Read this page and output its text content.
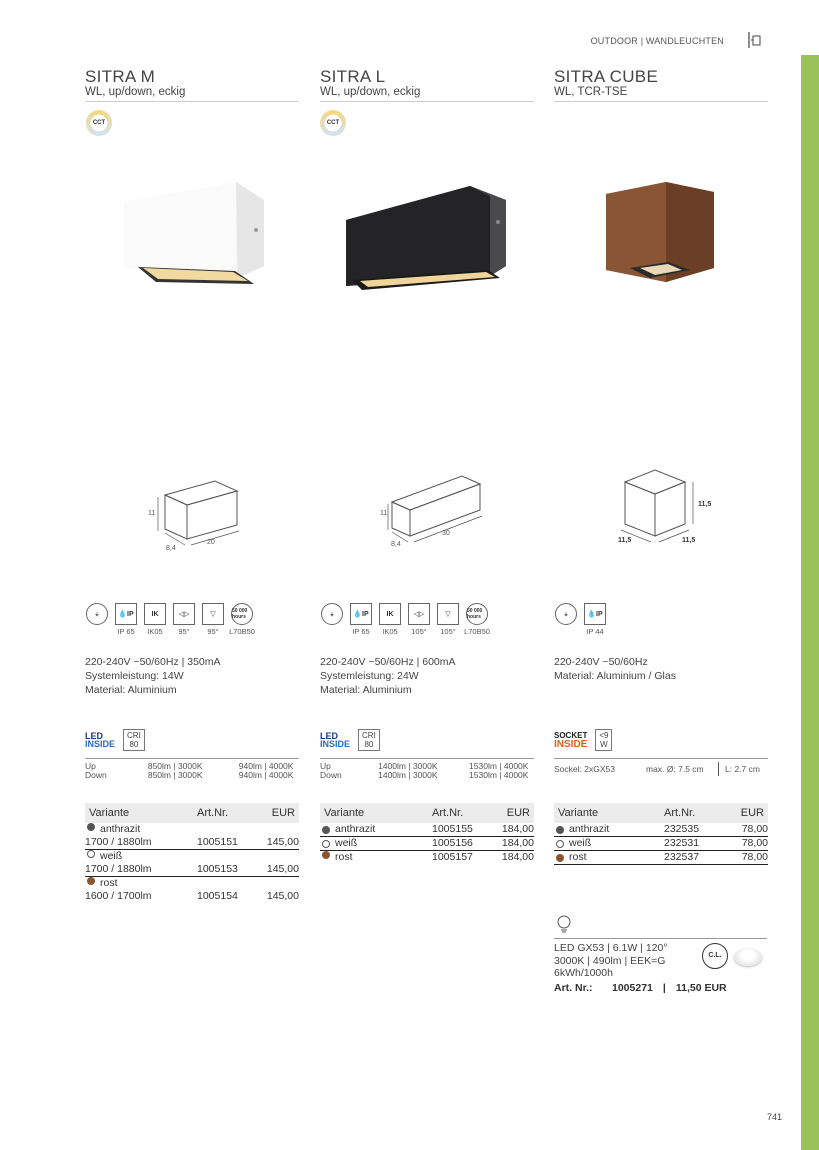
OUTDOOR | WANDLEUCHTEN
SITRA M
WL, up/down, eckig
CCT
11
8,4
20
⏚	💧 IP
IP 65
IK
IK05
◁▷
95°
▽
95°
50 000 hours
L70B50
220-240V ~50/60Hz | 350mA
Systemleistung: 14W
Material: Aluminium
LED
INSIDE
CRI
80
Up	850lm | 3000K	940lm | 4000K
Down	850lm | 3000K	940lm | 4000K
Variante	Art.Nr.	EUR
anthrazit
1700 / 1880lm	1005151	145,00
weiß
1700 / 1880lm	1005153	145,00
rost
1600 / 1700lm	1005154	145,00
SITRA L
WL, up/down, eckig
CCT
11
8,4
30
⏚	💧 IP
IP 65
IK
IK05
◁▷
105°
▽
105°
50 000 hours
L70B50
220-240V ~50/60Hz | 600mA
Systemleistung: 24W
Material: Aluminium
LED
INSIDE
CRI
80
Up	1400lm | 3000K	1530lm | 4000K
Down	1400lm | 3000K	1530lm | 4000K
Variante	Art.Nr.	EUR
anthrazit	1005155	184,00
weiß	1005156	184,00
rost	1005157	184,00
SITRA CUBE
WL, TCR-TSE
11,5
11,5	11,5
⏚	💧 IP
IP 44
220-240V ~50/60Hz
Material: Aluminium / Glas
SOCKET
INSIDE
<9
W
Sockel: 2xGX53	max. Ø: 7.5 cm	L: 2.7 cm
Variante	Art.Nr.	EUR
anthrazit	232535	78,00
weiß	232531	78,00
rost	232537	78,00
LED GX53 | 6.1W | 120°
3000K | 490lm | EEK=G
6kWh/1000h
Art. Nr.:	1005271 | 11,50 EUR
C.L.
741
